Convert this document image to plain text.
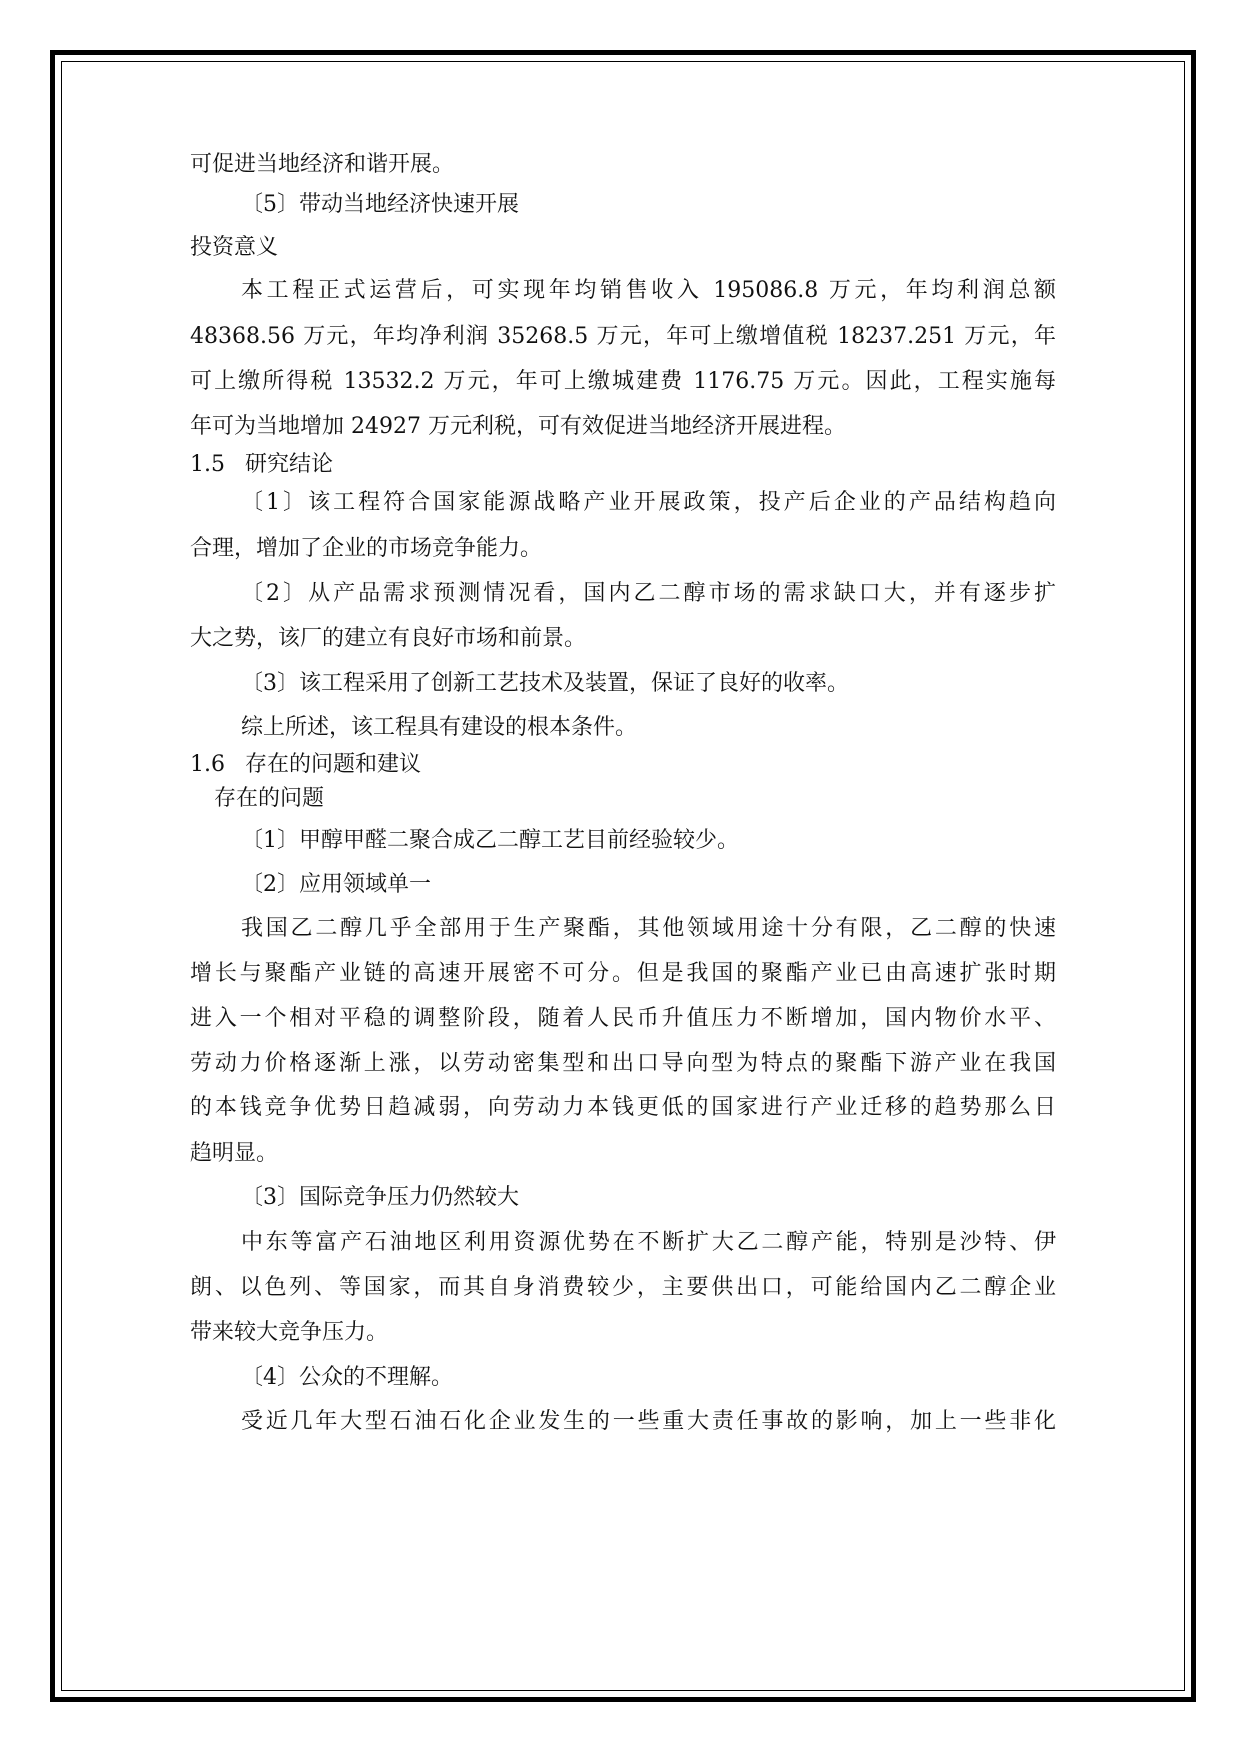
可促进当地经济和谐开展。
〔5〕带动当地经济快速开展
投资意义
本工程正式运营后，可实现年均销售收入 195086.8 万元，年均利润总额
48368.56 万元，年均净利润 35268.5 万元，年可上缴增值税 18237.251 万元，年
可上缴所得税 13532.2 万元，年可上缴城建费 1176.75 万元。因此，工程实施每
年可为当地增加 24927 万元利税，可有效促进当地经济开展进程。
1.5 研究结论
〔1〕该工程符合国家能源战略产业开展政策，投产后企业的产品结构趋向
合理，增加了企业的市场竞争能力。
〔2〕从产品需求预测情况看，国内乙二醇市场的需求缺口大，并有逐步扩
大之势，该厂的建立有良好市场和前景。
〔3〕该工程采用了创新工艺技术及装置，保证了良好的收率。
综上所述，该工程具有建设的根本条件。
1.6 存在的问题和建议
存在的问题
〔1〕甲醇甲醛二聚合成乙二醇工艺目前经验较少。
〔2〕应用领域单一
我国乙二醇几乎全部用于生产聚酯，其他领域用途十分有限，乙二醇的快速
增长与聚酯产业链的高速开展密不可分。但是我国的聚酯产业已由高速扩张时期
进入一个相对平稳的调整阶段，随着人民币升值压力不断增加，国内物价水平、
劳动力价格逐渐上涨，以劳动密集型和出口导向型为特点的聚酯下游产业在我国
的本钱竞争优势日趋减弱，向劳动力本钱更低的国家进行产业迁移的趋势那么日
趋明显。
〔3〕国际竞争压力仍然较大
中东等富产石油地区利用资源优势在不断扩大乙二醇产能，特别是沙特、伊
朗、以色列、等国家，而其自身消费较少，主要供出口，可能给国内乙二醇企业
带来较大竞争压力。
〔4〕公众的不理解。
受近几年大型石油石化企业发生的一些重大责任事故的影响，加上一些非化
